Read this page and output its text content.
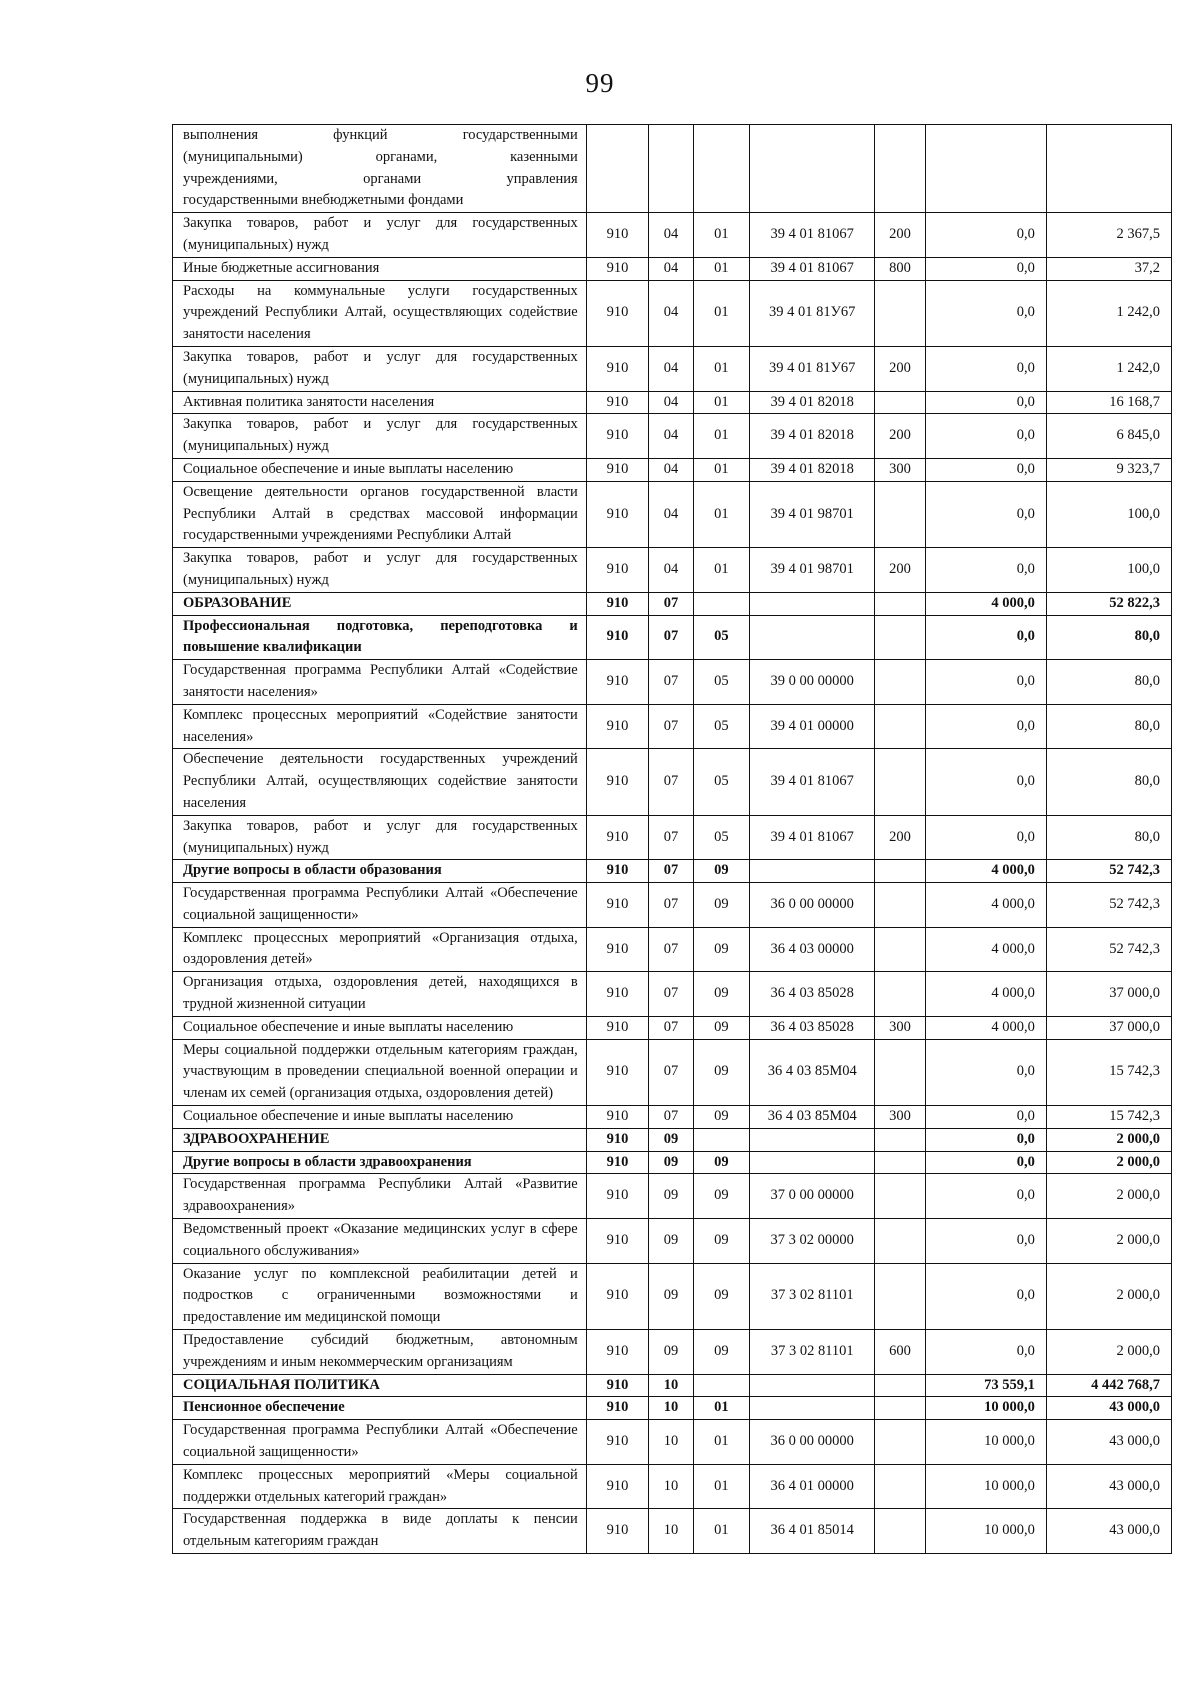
99
выполнения функций государственными
(муниципальными) органами, казенными
учреждениями, органами управления
государственными внебюджетными фондами							

Закупка товаров, работ и услуг для государственных (муниципальных) нужд	910	04	01	39 4 01 81067	200	0,0	2 367,5
Иные бюджетные ассигнования	910	04	01	39 4 01 81067	800	0,0	37,2
Расходы на коммунальные услуги государственных учреждений Республики Алтай, осуществляющих содействие занятости населения	910	04	01	39 4 01 81У67		0,0	1 242,0
Закупка товаров, работ и услуг для государственных (муниципальных) нужд	910	04	01	39 4 01 81У67	200	0,0	1 242,0
Активная политика занятости населения	910	04	01	39 4 01 82018		0,0	16 168,7
Закупка товаров, работ и услуг для государственных (муниципальных) нужд	910	04	01	39 4 01 82018	200	0,0	6 845,0
Социальное обеспечение и иные выплаты населению	910	04	01	39 4 01 82018	300	0,0	9 323,7
Освещение деятельности органов государственной власти Республики Алтай в средствах массовой информации государственными учреждениями Республики Алтай	910	04	01	39 4 01 98701		0,0	100,0
Закупка товаров, работ и услуг для государственных (муниципальных) нужд	910	04	01	39 4 01 98701	200	0,0	100,0
ОБРАЗОВАНИЕ	910	07				4 000,0	52 822,3
Профессиональная подготовка, переподготовка и повышение квалификации	910	07	05			0,0	80,0
Государственная программа Республики Алтай «Содействие занятости населения»	910	07	05	39 0 00 00000		0,0	80,0
Комплекс процессных мероприятий «Содействие занятости населения»	910	07	05	39 4 01 00000		0,0	80,0
Обеспечение деятельности государственных учреждений Республики Алтай, осуществляющих содействие занятости населения	910	07	05	39 4 01 81067		0,0	80,0
Закупка товаров, работ и услуг для государственных (муниципальных) нужд	910	07	05	39 4 01 81067	200	0,0	80,0
Другие вопросы в области образования	910	07	09			4 000,0	52 742,3
Государственная программа Республики Алтай «Обеспечение социальной защищенности»	910	07	09	36 0 00 00000		4 000,0	52 742,3
Комплекс процессных мероприятий «Организация отдыха, оздоровления детей»	910	07	09	36 4 03 00000		4 000,0	52 742,3
Организация отдыха, оздоровления детей, находящихся в трудной жизненной ситуации	910	07	09	36 4 03 85028		4 000,0	37 000,0
Социальное обеспечение и иные выплаты населению	910	07	09	36 4 03 85028	300	4 000,0	37 000,0
Меры социальной поддержки отдельным категориям граждан, участвующим в проведении специальной военной операции и членам их семей (организация отдыха, оздоровления детей)	910	07	09	36 4 03 85М04		0,0	15 742,3
Социальное обеспечение и иные выплаты населению	910	07	09	36 4 03 85М04	300	0,0	15 742,3
ЗДРАВООХРАНЕНИЕ	910	09				0,0	2 000,0
Другие вопросы в области здравоохранения	910	09	09			0,0	2 000,0
Государственная программа Республики Алтай «Развитие здравоохранения»	910	09	09	37 0 00 00000		0,0	2 000,0
Ведомственный проект «Оказание медицинских услуг в сфере социального обслуживания»	910	09	09	37 3 02 00000		0,0	2 000,0
Оказание услуг по комплексной реабилитации детей и подростков с ограниченными возможностями и предоставление им медицинской помощи	910	09	09	37 3 02 81101		0,0	2 000,0
Предоставление субсидий бюджетным, автономным учреждениям и иным некоммерческим организациям	910	09	09	37 3 02 81101	600	0,0	2 000,0
СОЦИАЛЬНАЯ ПОЛИТИКА	910	10				73 559,1	4 442 768,7
Пенсионное обеспечение	910	10	01			10 000,0	43 000,0
Государственная программа Республики Алтай «Обеспечение социальной защищенности»	910	10	01	36 0 00 00000		10 000,0	43 000,0
Комплекс процессных мероприятий «Меры социальной поддержки отдельных категорий граждан»	910	10	01	36 4 01 00000		10 000,0	43 000,0
Государственная поддержка в виде доплаты к пенсии отдельным категориям граждан	910	10	01	36 4 01 85014		10 000,0	43 000,0
